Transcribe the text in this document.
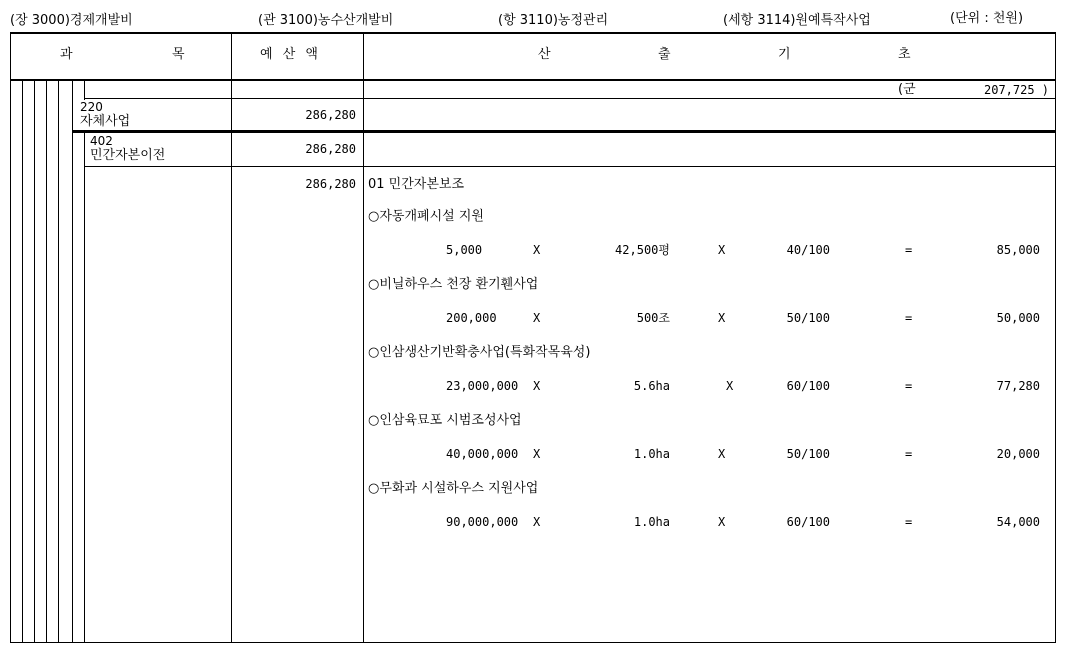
(장 3000)경제개발비	(관 3100)농수산개발비	(항 3110)농정관리	(세항 3114)원예특작사업	(단위 : 천원)
과	목	예 산 액	산	출	기	초
(군	207,725 )
220
자체사업	286,280
402
민간자본이전	286,280
286,280 01 민간자본보조
○자동개폐시설 지원
5,000	X	42,500평	X	40/100	=	85,000
○비닐하우스 천장 환기휀사업
200,000	X	500조	X	50/100	=	50,000
○인삼생산기반확충사업(특화작목육성)
23,000,000 X	5.6ha	X	60/100	=	77,280
○인삼육묘포 시범조성사업
40,000,000 X	1.0ha	X	50/100	=	20,000
○무화과 시설하우스 지원사업
90,000,000 X	1.0ha	X	60/100	=	54,000
